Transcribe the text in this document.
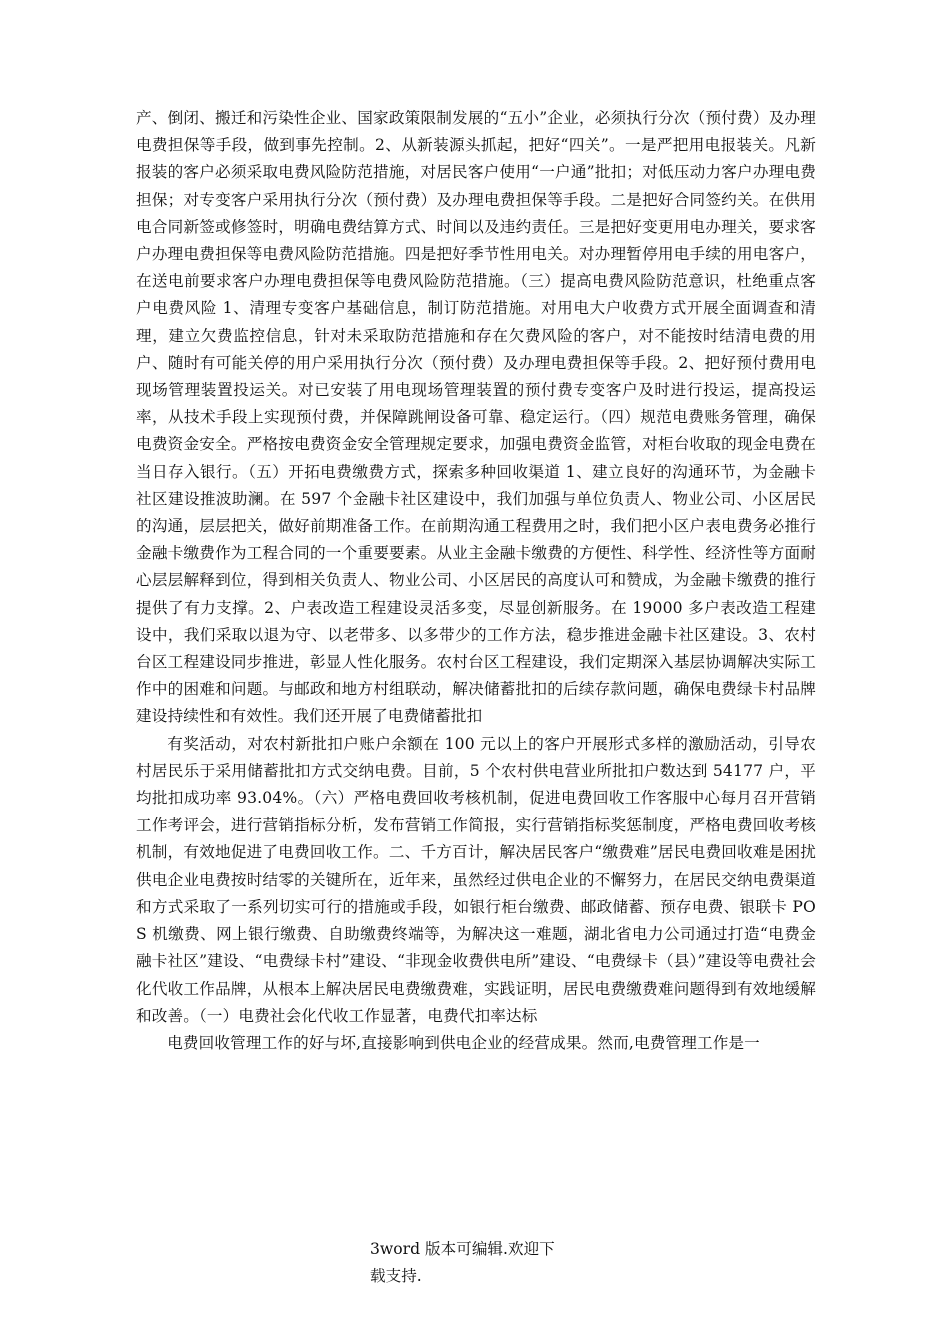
产、倒闭、搬迁和污染性企业、国家政策限制发展的“五小”企业，必须执行分次（预付费）及办理电费担保等手段，做到事先控制。2、从新装源头抓起，把好“四关”。一是严把用电报装关。凡新报装的客户必须采取电费风险防范措施，对居民客户使用“一户通”批扣；对低压动力客户办理电费担保；对专变客户采用执行分次（预付费）及办理电费担保等手段。二是把好合同签约关。在供用电合同新签或修签时，明确电费结算方式、时间以及违约责任。三是把好变更用电办理关，要求客户办理电费担保等电费风险防范措施。四是把好季节性用电关。对办理暂停用电手续的用电客户，在送电前要求客户办理电费担保等电费风险防范措施。（三）提高电费风险防范意识，杜绝重点客户电费风险 1、清理专变客户基础信息，制订防范措施。对用电大户收费方式开展全面调查和清理，建立欠费监控信息，针对未采取防范措施和存在欠费风险的客户，对不能按时结清电费的用户、随时有可能关停的用户采用执行分次（预付费）及办理电费担保等手段。2、把好预付费用电现场管理装置投运关。对已安装了用电现场管理装置的预付费专变客户及时进行投运，提高投运率，从技术手段上实现预付费，并保障跳闸设备可靠、稳定运行。（四）规范电费账务管理，确保电费资金安全。严格按电费资金安全管理规定要求，加强电费资金监管，对柜台收取的现金电费在当日存入银行。（五）开拓电费缴费方式，探索多种回收渠道 1、建立良好的沟通环节，为金融卡社区建设推波助澜。在 597 个金融卡社区建设中，我们加强与单位负责人、物业公司、小区居民的沟通，层层把关，做好前期准备工作。在前期沟通工程费用之时，我们把小区户表电费务必推行金融卡缴费作为工程合同的一个重要要素。从业主金融卡缴费的方便性、科学性、经济性等方面耐心层层解释到位，得到相关负责人、物业公司、小区居民的高度认可和赞成，为金融卡缴费的推行提供了有力支撑。2、户表改造工程建设灵活多变，尽显创新服务。在 19000 多户表改造工程建设中，我们采取以退为守、以老带多、以多带少的工作方法，稳步推进金融卡社区建设。3、农村台区工程建设同步推进，彰显人性化服务。农村台区工程建设，我们定期深入基层协调解决实际工作中的困难和问题。与邮政和地方村组联动，解决储蓄批扣的后续存款问题，确保电费绿卡村品牌建设持续性和有效性。我们还开展了电费储蓄批扣

有奖活动，对农村新批扣户账户余额在 100 元以上的客户开展形式多样的激励活动，引导农村居民乐于采用储蓄批扣方式交纳电费。目前，5 个农村供电营业所批扣户数达到 54177 户，平均批扣成功率 93.04%。（六）严格电费回收考核机制，促进电费回收工作客服中心每月召开营销工作考评会，进行营销指标分析，发布营销工作简报，实行营销指标奖惩制度，严格电费回收考核机制，有效地促进了电费回收工作。二、千方百计，解决居民客户“缴费难”居民电费回收难是困扰供电企业电费按时结零的关键所在，近年来，虽然经过供电企业的不懈努力，在居民交纳电费渠道和方式采取了一系列切实可行的措施或手段，如银行柜台缴费、邮政储蓄、预存电费、银联卡 POS 机缴费、网上银行缴费、自助缴费终端等，为解决这一难题，湖北省电力公司通过打造“电费金融卡社区”建设、“电费绿卡村”建设、“非现金收费供电所”建设、“电费绿卡（县）”建设等电费社会化代收工作品牌，从根本上解决居民电费缴费难，实践证明，居民电费缴费难问题得到有效地缓解和改善。（一）电费社会化代收工作显著，电费代扣率达标

电费回收管理工作的好与坏,直接影响到供电企业的经营成果。然而,电费管理工作是一

3word 版本可编辑.欢迎下载支持.
